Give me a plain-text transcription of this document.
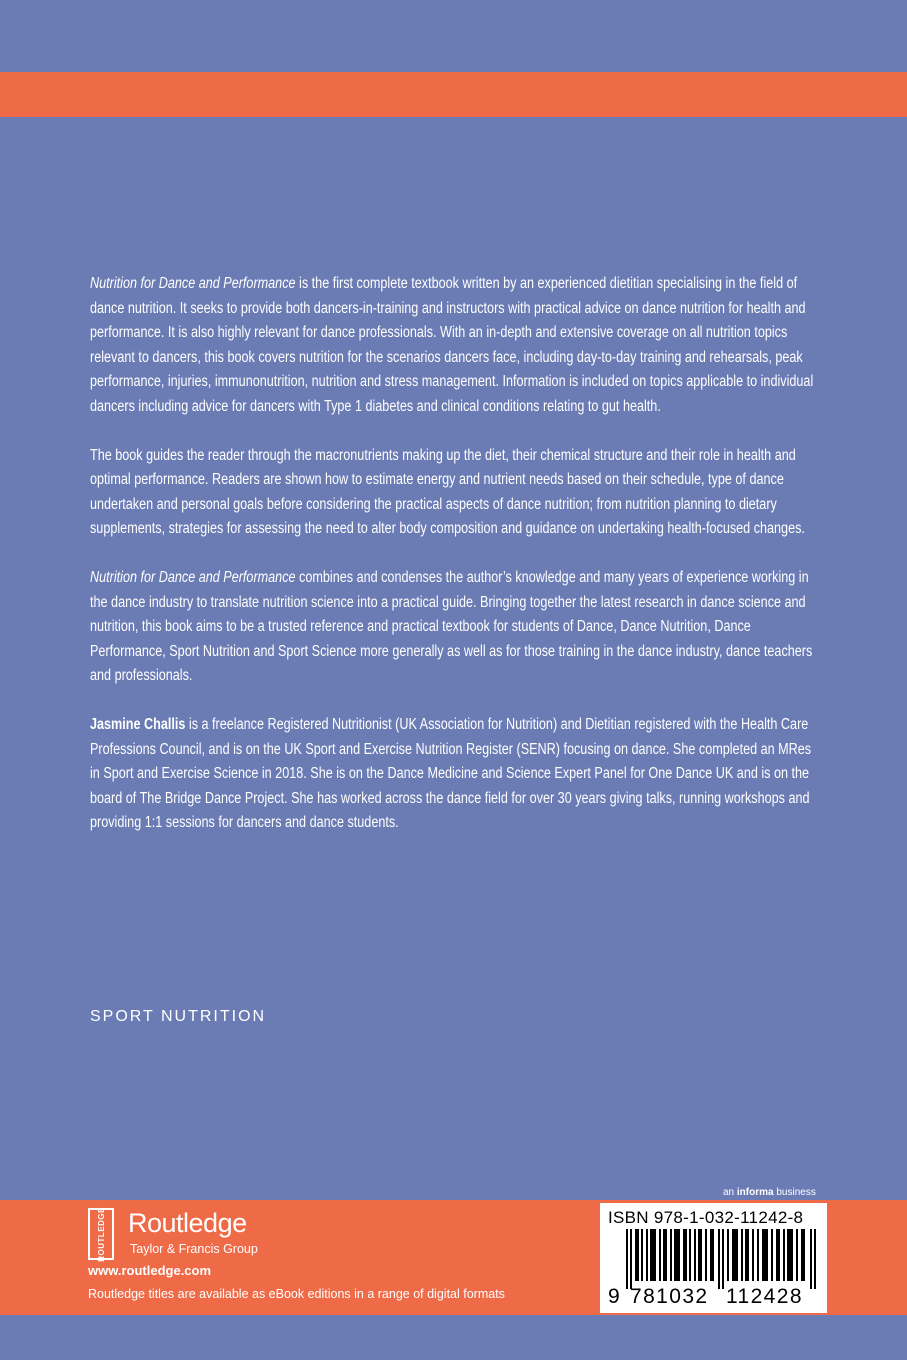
Nutrition for Dance and Performance is the first complete textbook written by an experienced dietitian specialising in the field of dance nutrition. It seeks to provide both dancers-in-training and instructors with practical advice on dance nutrition for health and performance. It is also highly relevant for dance professionals. With an in-depth and extensive coverage on all nutrition topics relevant to dancers, this book covers nutrition for the scenarios dancers face, including day-to-day training and rehearsals, peak performance, injuries, immunonutrition, nutrition and stress management. Information is included on topics applicable to individual dancers including advice for dancers with Type 1 diabetes and clinical conditions relating to gut health.

The book guides the reader through the macronutrients making up the diet, their chemical structure and their role in health and optimal performance. Readers are shown how to estimate energy and nutrient needs based on their schedule, type of dance undertaken and personal goals before considering the practical aspects of dance nutrition; from nutrition planning to dietary supplements, strategies for assessing the need to alter body composition and guidance on undertaking health-focused changes.

Nutrition for Dance and Performance combines and condenses the author’s knowledge and many years of experience working in the dance industry to translate nutrition science into a practical guide. Bringing together the latest research in dance science and nutrition, this book aims to be a trusted reference and practical textbook for students of Dance, Dance Nutrition, Dance Performance, Sport Nutrition and Sport Science more generally as well as for those training in the dance industry, dance teachers and professionals.

Jasmine Challis is a freelance Registered Nutritionist (UK Association for Nutrition) and Dietitian registered with the Health Care Professions Council, and is on the UK Sport and Exercise Nutrition Register (SENR) focusing on dance. She completed an MRes in Sport and Exercise Science in 2018. She is on the Dance Medicine and Science Expert Panel for One Dance UK and is on the board of The Bridge Dance Project. She has worked across the dance field for over 30 years giving talks, running workshops and providing 1:1 sessions for dancers and dance students.

SPORT NUTRITION
an informa business
ROUTLEDGE Routledge
Taylor & Francis Group
www.routledge.com
Routledge titles are available as eBook editions in a range of digital formats
ISBN 978-1-032-11242-8
9 781032 112428
